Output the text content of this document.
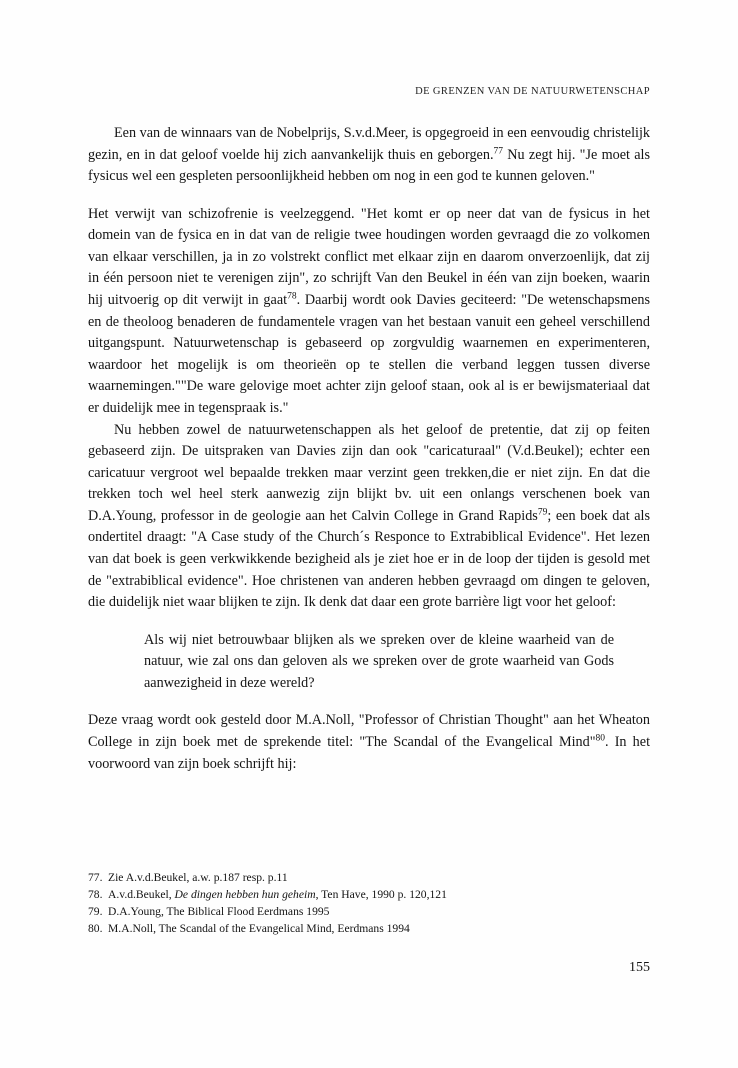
DE GRENZEN VAN DE NATUURWETENSCHAP

Een van de winnaars van de Nobelprijs, S.v.d.Meer, is opgegroeid in een eenvoudig christelijk gezin, en in dat geloof voelde hij zich aanvankelijk thuis en geborgen.$^{77}$ Nu zegt hij. "Je moet als fysicus wel een gespleten persoonlijkheid hebben om nog in een god te kunnen geloven."

Het verwijt van schizofrenie is veelzeggend. "Het komt er op neer dat van de fysicus in het domein van de fysica en in dat van de religie twee houdingen worden gevraagd die zo volkomen van elkaar verschillen, ja in zo volstrekt conflict met elkaar zijn en daarom onverzoenlijk, dat zij in één persoon niet te verenigen zijn", zo schrijft Van den Beukel in één van zijn boeken, waarin hij uitvoerig op dit verwijt in gaat$^{78}$. Daarbij wordt ook Davies geciteerd: "De wetenschapsmens en de theoloog benaderen de fundamentele vragen van het bestaan vanuit een geheel verschillend uitgangspunt. Natuurwetenschap is gebaseerd op zorgvuldig waarnemen en experimenteren, waardoor het mogelijk is om theorieën op te stellen die verband leggen tussen diverse waarnemingen.""De ware gelovige moet achter zijn geloof staan, ook al is er bewijsmateriaal dat er duidelijk mee in tegenspraak is."

Nu hebben zowel de natuurwetenschappen als het geloof de pretentie, dat zij op feiten gebaseerd zijn. De uitspraken van Davies zijn dan ook "caricaturaal" (V.d.Beukel); echter een caricatuur vergroot wel bepaalde trekken maar verzint geen trekken,die er niet zijn. En dat die trekken toch wel heel sterk aanwezig zijn blijkt bv. uit een onlangs verschenen boek van D.A.Young, professor in de geologie aan het Calvin College in Grand Rapids$^{79}$; een boek dat als ondertitel draagt: "A Case study of the Church´s Responce to Extrabiblical Evidence". Het lezen van dat boek is geen verkwikkende bezigheid als je ziet hoe er in de loop der tijden is gesold met de "extrabiblical evidence". Hoe christenen van anderen hebben gevraagd om dingen te geloven, die duidelijk niet waar blijken te zijn. Ik denk dat daar een grote barrière ligt voor het geloof:

Als wij niet betrouwbaar blijken als we spreken over de kleine waarheid van de natuur, wie zal ons dan geloven als we spreken over de grote waarheid van Gods aanwezigheid in deze wereld?

Deze vraag wordt ook gesteld door M.A.Noll, "Professor of Christian Thought" aan het Wheaton College in zijn boek met de sprekende titel: "The Scandal of the Evangelical Mind"$^{80}$. In het voorwoord van zijn boek schrijft hij:

77. Zie A.v.d.Beukel, a.w. p.187 resp. p.11

78. A.v.d.Beukel, De dingen hebben hun geheim, Ten Have, 1990 p. 120,121

79. D.A.Young, The Biblical Flood Eerdmans 1995

80. M.A.Noll, The Scandal of the Evangelical Mind, Eerdmans 1994

155
